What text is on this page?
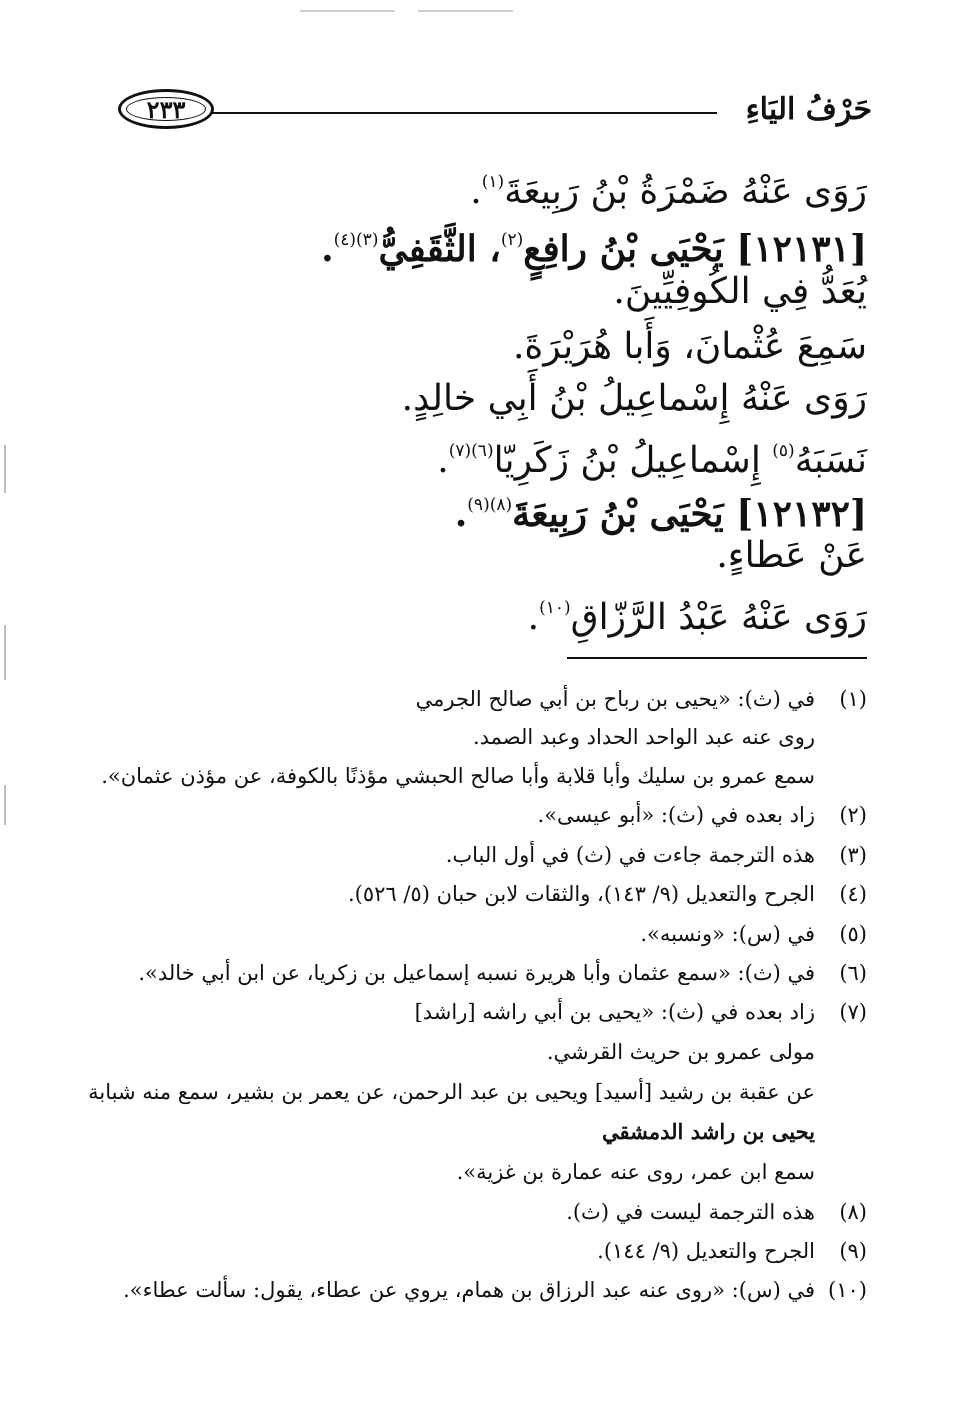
حَرْفُ اليَاءِ
٢٣٣
رَوَى عَنْهُ ضَمْرَةُ بْنُ رَبِيعَةَ$^{(١)}$.
[١٢١٣١] يَحْيَى بْنُ رافِعٍ$^{(٢)}$، الثَّقَفِيُّ$^{(٣)(٤)}$.
يُعَدُّ فِي الكُوفِيِّينَ.
سَمِعَ عُثْمانَ، وَأَبا هُرَيْرَةَ.
رَوَى عَنْهُ إِسْماعِيلُ بْنُ أَبِي خالِدٍ.
نَسَبَهُ$^{(٥)}$ إِسْماعِيلُ بْنُ زَكَرِيّا$^{(٦)(٧)}$.
[١٢١٣٢] يَحْيَى بْنُ رَبِيعَةَ$^{(٨)(٩)}$.
عَنْ عَطاءٍ.
رَوَى عَنْهُ عَبْدُ الرَّزّاقِ$^{(١٠)}$.
(١)في (ث): «يحيى بن رباح بن أبي صالح الجرمي
روى عنه عبد الواحد الحداد وعبد الصمد.
سمع عمرو بن سليك وأبا قلابة وأبا صالح الحبشي مؤذنًا بالكوفة، عن مؤذن عثمان».
(٢)زاد بعده في (ث): «أبو عيسى».
(٣)هذه الترجمة جاءت في (ث) في أول الباب.
(٤)الجرح والتعديل (٩/ ١٤٣)، والثقات لابن حبان (٥/ ٥٢٦).
(٥)في (س): «ونسبه».
(٦)في (ث): «سمع عثمان وأبا هريرة نسبه إسماعيل بن زكريا، عن ابن أبي خالد».
(٧)زاد بعده في (ث): «يحيى بن أبي راشه [راشد]
مولى عمرو بن حريث القرشي.
عن عقبة بن رشيد [أسيد] ويحيى بن عبد الرحمن، عن يعمر بن بشير، سمع منه شبابة
يحيى بن راشد الدمشقي
سمع ابن عمر، روى عنه عمارة بن غزية».
(٨)هذه الترجمة ليست في (ث).
(٩)الجرح والتعديل (٩/ ١٤٤).
(١٠)في (س): «روى عنه عبد الرزاق بن همام، يروي عن عطاء، يقول: سألت عطاء».
